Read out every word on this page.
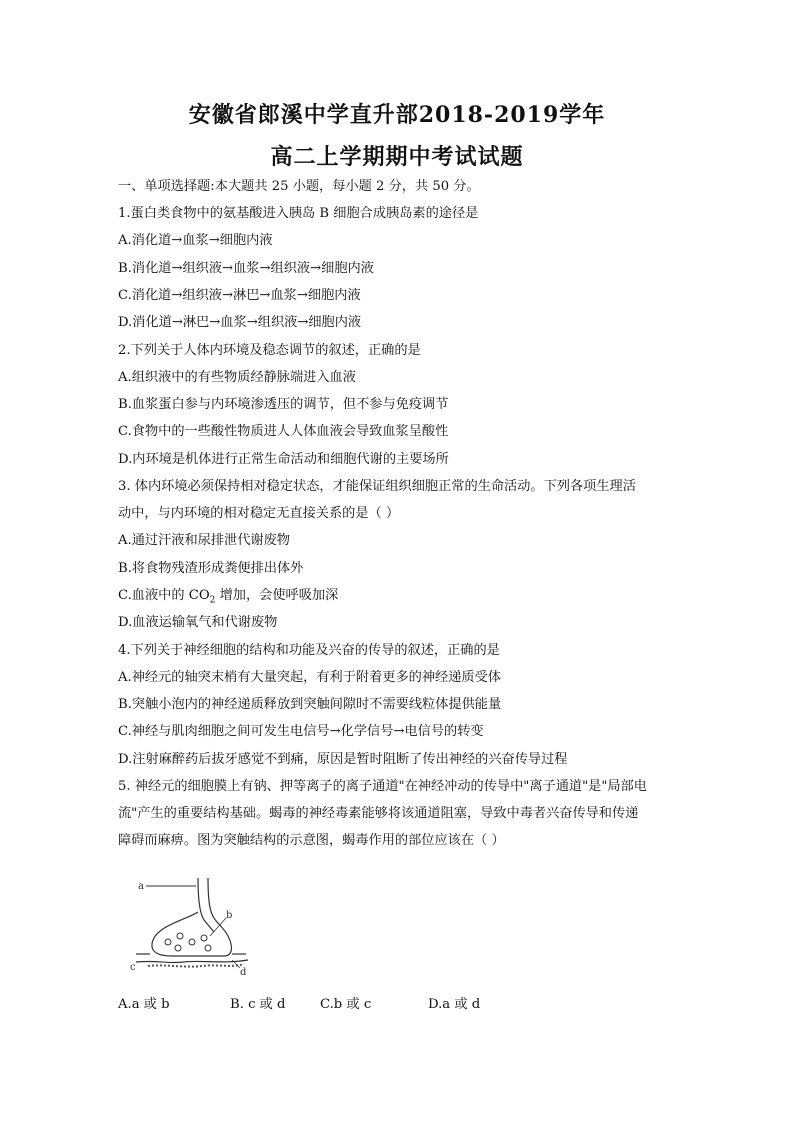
安徽省郎溪中学直升部2018-2019学年
高二上学期期中考试试题
一、单项选择题:本大题共 25 小题，每小题 2 分，共 50 分。
1.蛋白类食物中的氨基酸进入胰岛 B 细胞合成胰岛素的途径是
A.消化道→血浆→细胞内液
B.消化道→组织液→血浆→组织液→细胞内液
C.消化道→组织液→淋巴→血浆→细胞内液
D.消化道→淋巴→血浆→组织液→细胞内液
2.下列关于人体内环境及稳态调节的叙述，正确的是
A.组织液中的有些物质经静脉端进入血液
B.血浆蛋白参与内环境渗透压的调节，但不参与免疫调节
C.食物中的一些酸性物质进人人体血液会导致血浆呈酸性
D.内环境是机体进行正常生命活动和细胞代谢的主要场所
3. 体内环境必须保持相对稳定状态，才能保证组织细胞正常的生命活动。下列各项生理活
动中，与内环境的相对稳定无直接关系的是（ ）
A.通过汗液和尿排泄代谢废物
B.将食物残渣形成粪便排出体外
C.血液中的 $CO_2$ 增加，会使呼吸加深
D.血液运输氧气和代谢废物
4.下列关于神经细胞的结构和功能及兴奋的传导的叙述，正确的是
A.神经元的轴突末梢有大量突起，有利于附着更多的神经递质受体
B.突触小泡内的神经递质释放到突触间隙时不需要线粒体提供能量
C.神经与肌肉细胞之间可发生电信号→化学信号→电信号的转变
D.注射麻醉药后拔牙感觉不到痛，原因是暂时阻断了传出神经的兴奋传导过程
5. 神经元的细胞膜上有钠、押等离子的离子通道"在神经冲动的传导中"离子通道"是"局部电
流"产生的重要结构基础。蝎毒的神经毒素能够将该通道阻塞，导致中毒者兴奋传导和传递
障碍而麻痹。图为突触结构的示意图，蝎毒作用的部位应该在（ ）
a
b
c	d
A.a 或 b	B. c 或 d	C.b 或 c	D.a 或 d
